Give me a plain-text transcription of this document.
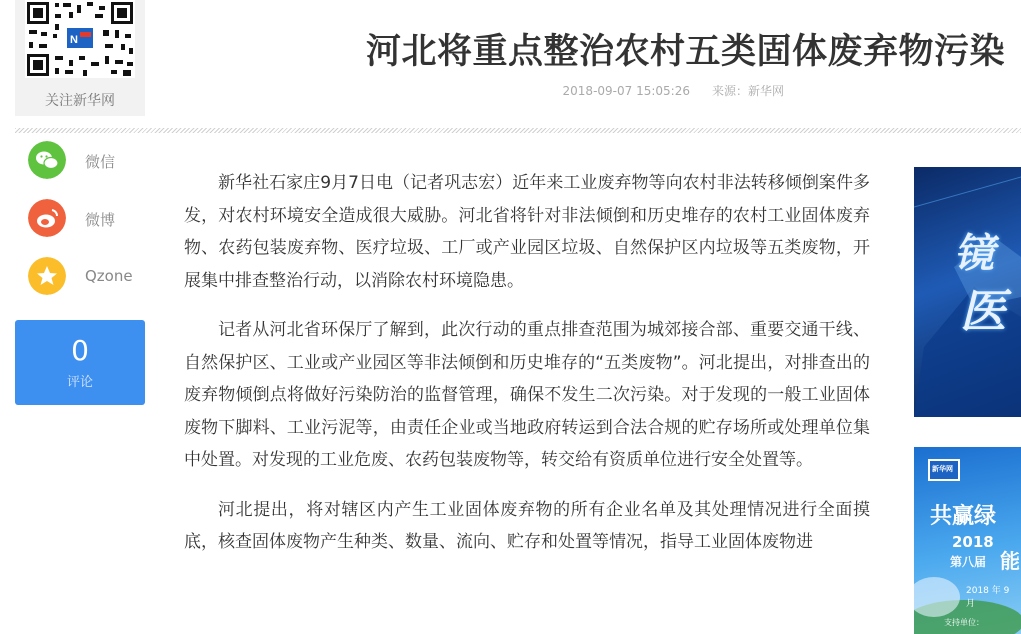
N
关注新华网
河北将重点整治农村五类固体废弃物污染
2018-09-07 15:05:26 来源：新华网
微信
微博
Qzone
0
评论

新华社石家庄9月7日电（记者巩志宏）近年来工业废弃物等向农村非法转移倾倒案件多发，对农村环境安全造成很大威胁。河北省将针对非法倾倒和历史堆存的农村工业固体废弃物、农药包装废弃物、医疗垃圾、工厂或产业园区垃圾、自然保护区内垃圾等五类废物，开展集中排查整治行动，以消除农村环境隐患。

记者从河北省环保厅了解到，此次行动的重点排查范围为城郊接合部、重要交通干线、自然保护区、工业或产业园区等非法倾倒和历史堆存的“五类废物”。河北提出，对排查出的废弃物倾倒点将做好污染防治的监督管理，确保不发生二次污染。对于发现的一般工业固体废物下脚料、工业污泥等，由责任企业或当地政府转运到合法合规的贮存场所或处理单位集中处置。对发现的工业危废、农药包装废物等，转交给有资质单位进行安全处置等。

河北提出，将对辖区内产生工业固体废弃物的所有企业名单及其处理情况进行全面摸底，核查固体废物产生种类、数量、流向、贮存和处置等情况，指导工业固体废物进

镜
医
新华网
共赢绿
2018
第八届 能
2018 年 9 月
支持单位：
